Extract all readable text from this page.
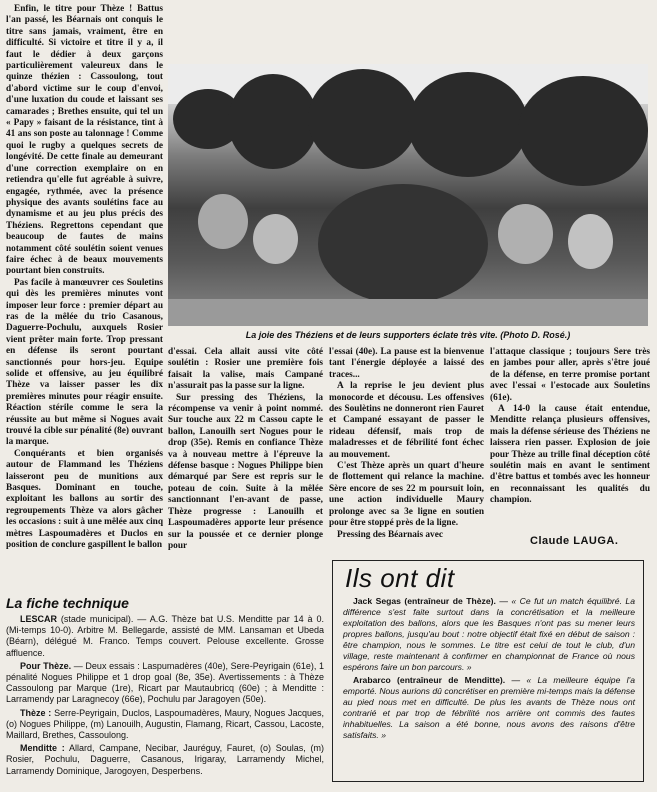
Enfin, le titre pour Thèze ! Battus l'an passé, les Béarnais ont conquis le titre sans jamais, vraiment, être en difficulté. Si victoire et titre il y a, il faut le dédier à deux garçons particulièrement valeureux dans le quinze thézien : Cassoulong, tout d'abord victime sur le coup d'envoi, d'une luxation du coude et laissant ses camarades ; Brethes ensuite, qui tel un « Papy » faisant de la résistance, tint à 41 ans son poste au talonnage ! Comme quoi le rugby a quelques secrets de longévité. De cette finale au demeurant d'une correction exemplaire on en retiendra qu'elle fut agréable à suivre, engagée, rythmée, avec la présence physique des avants soulétins face au dynamisme et au jeu plus précis des Théziens. Regrettons cependant que beaucoup de fautes de mains notamment côté soulétin soient venues faire échec à de beaux mouvements pourtant bien construits.

Pas facile à manœuvrer ces Souletins qui dès les premières minutes vont imposer leur force : premier départ au ras de la mêlée du trio Casanous, Daguerre-Pochulu, auxquels Rosier vient prêter main forte. Trop pressant en défense ils seront pourtant sanctionnés pour hors-jeu. Equipe solide et offensive, au jeu équilibré Thèze va laisser passer les dix premières minutes pour réagir ensuite. Réaction stérile comme le sera la réussite au but même si Nogues avait trouvé la cible sur pénalité (8e) ouvrant la marque.

Conquérants et bien organisés autour de Flammand les Théziens laisseront peu de munitions aux Basques. Dominant en touche, exploitant les ballons au sortir des regroupements Thèze va alors gâcher les occasions : suit à une mêlée aux cinq mètres Laspoumadères et Duclos en position de conclure gaspillent le ballon

La joie des Théziens et de leurs supporters éclate très vite. (Photo D. Rosé.)

d'essai. Cela allait aussi vite côté soulétin : Rosier une première fois faisait la valise, mais Campané n'assurait pas la passe sur la ligne.

Sur pressing des Théziens, la récompense va venir à point nommé. Sur touche aux 22 m Cassou capte le ballon, Lanouilh sert Nogues pour le drop (35e). Remis en confiance Thèze va à nouveau mettre à l'épreuve la défense basque : Nogues Philippe bien démarqué par Sere est repris sur le poteau de coin. Suite à la mêlée sanctionnant l'en-avant de passe, Thèze progresse : Lanouilh et Laspoumadères apporte leur présence sur la poussée et ce dernier plonge pour

l'essai (40e). La pause est la bienvenue tant l'énergie déployée a laissé des traces...

A la reprise le jeu devient plus monocorde et décousu. Les offensives des Soulètins ne donneront rien Fauret et Campané essayant de passer le rideau défensif, mais trop de maladresses et de fébrilité font échec au mouvement.

C'est Thèze après un quart d'heure de flottement qui relance la machine. Sère encore de ses 22 m poursuit loin, une action individuelle Maury prolonge avec sa 3e ligne en soutien pour être stoppé près de la ligne.

Pressing des Béarnais avec

l'attaque classique ; toujours Sere très en jambes pour aller, après s'être joué de la défense, en terre promise portant avec l'essai « l'estocade aux Souletins (61e).

A 14-0 la cause était entendue, Menditte relança plusieurs offensives, mais la défense sérieuse des Théziens ne laissera rien passer. Explosion de joie pour Thèze au trille final déception côté soulétin mais en avant le sentiment d'être battus et tombés avec les honneur en reconnaissant les qualités du champion.

Claude LAUGA.
La fiche technique

LESCAR (stade municipal). — A.G. Thèze bat U.S. Menditte par 14 à 0. (Mi-temps 10-0). Arbitre M. Bellegarde, assisté de MM. Lansaman et Ubeda (Béarn), délégué M. Franco. Temps couvert. Pelouse excellente. Grosse affluence.

Pour Thèze. — Deux essais : Laspumadères (40e), Sere-Peyrigain (61e), 1 pénalité Nogues Philippe et 1 drop goal (8e, 35e). Avertissements : à Thèze Cassoulong par Marque (1re), Ricart par Mautaubricq (60e) ; à Menditte : Larramendy par Laragnecoy (66e), Pochulu par Jaragoyen (50e).

Thèze : Serre-Peyrigain, Duclos, Laspoumadères, Maury, Nogues Jacques, (o) Nogues Philippe, (m) Lanouilh, Augustin, Flamang, Ricart, Cassou, Lacoste, Maillard, Brethes, Cassoulong.

Menditte : Allard, Campane, Necibar, Jauréguy, Fauret, (o) Soulas, (m) Rosier, Pochulu, Daguerre, Casanous, Irigaray, Larramendy Michel, Larramendy Dominique, Jarogoyen, Desperbens.

Ils ont dit

Jack Segas (entraîneur de Thèze). — « Ce fut un match équilibré. La différence s'est faite surtout dans la concrétisation et la meilleure exploitation des ballons, alors que les Basques n'ont pas su mener leurs propres ballons, jusqu'au bout : notre objectif était fixé en début de saison : être champion, nous le sommes. Le titre est celui de tout le club, d'un village, reste maintenant à confirmer en championnat de France où nous espérons faire un bon parcours. »

Arabarco (entraîneur de Menditte). — « La meilleure équipe l'a emporté. Nous aurions dû concrétiser en première mi-temps mais la défense au pied nous met en difficulté. De plus les avants de Thèze nous ont contrarié et par trop de fébrilité nos arrière ont commis des fautes inhabituelles. La saison a été bonne, nous avons des raisons d'être satisfaits. »
